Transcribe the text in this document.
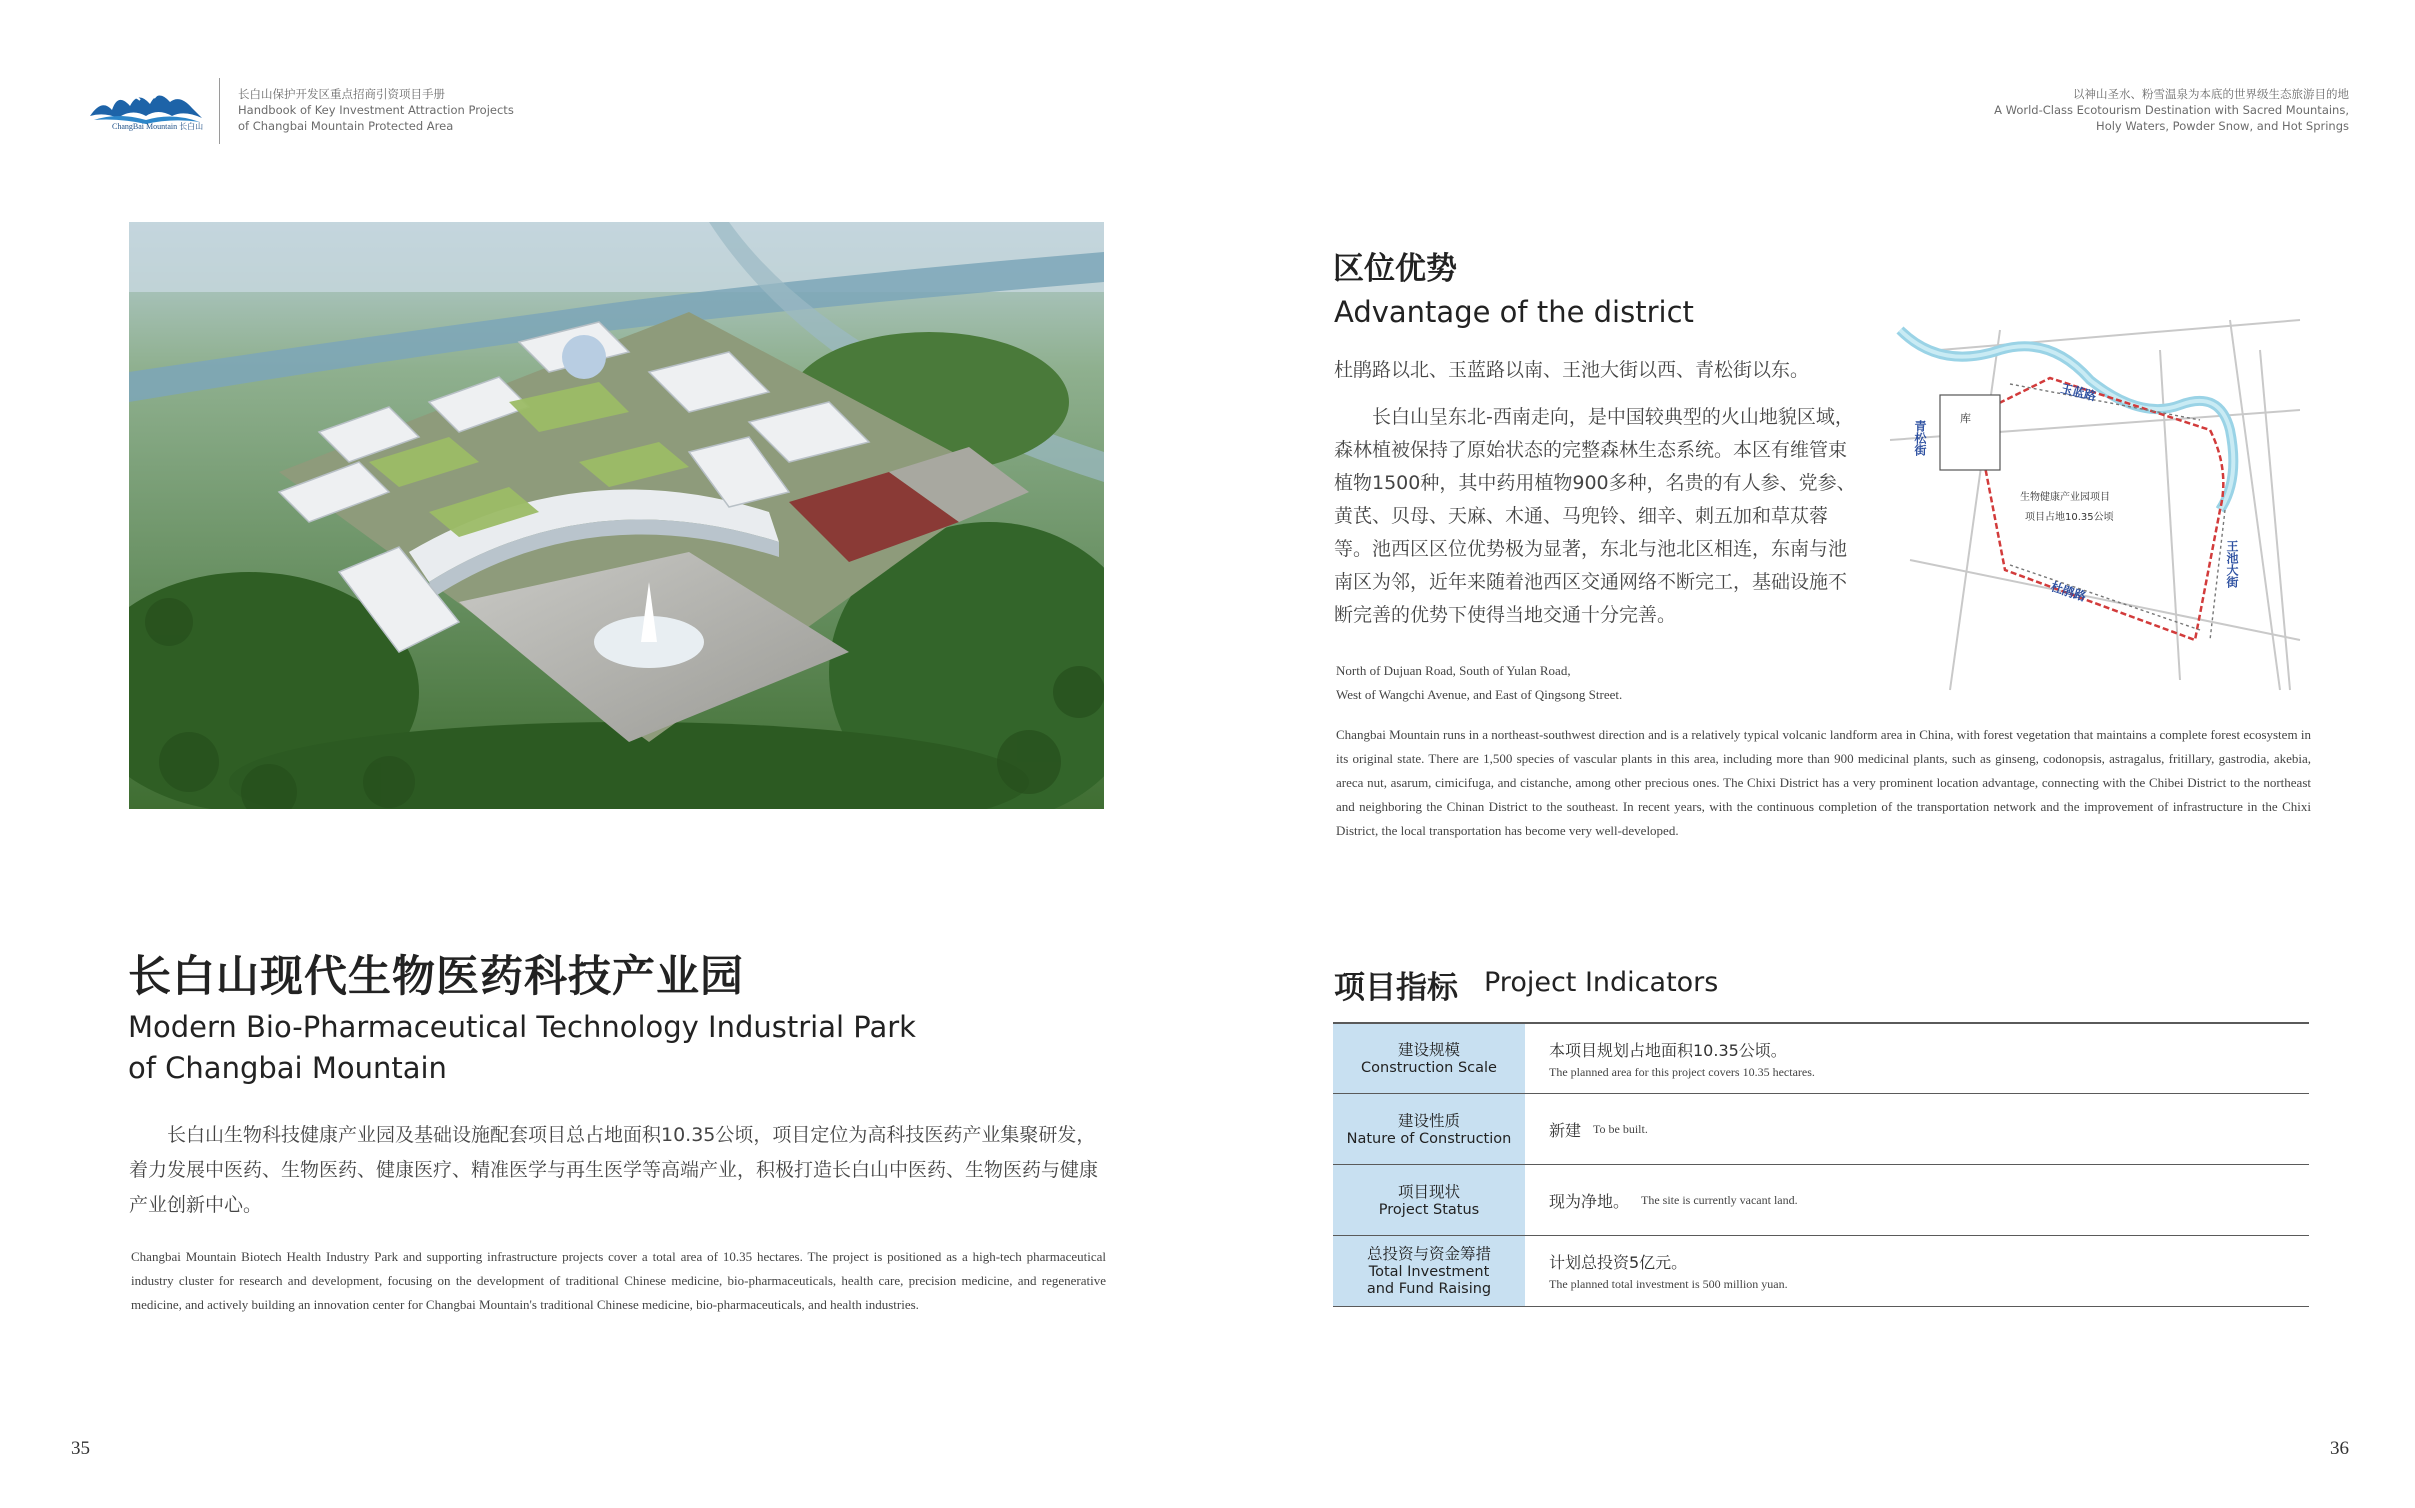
ChangBai Mountain 长白山
长白山保护开发区重点招商引资项目手册
Handbook of Key Investment Attraction Projects
of Changbai Mountain Protected Area
以神山圣水、粉雪温泉为本底的世界级生态旅游目的地
A World-Class Ecotourism Destination with Sacred Mountains,
Holy Waters, Powder Snow, and Hot Springs
长白山现代生物医药科技产业园
Modern Bio-Pharmaceutical Technology Industrial Park
of Changbai Mountain
长白山生物科技健康产业园及基础设施配套项目总占地面积10.35公顷，项目定位为高科技医药产业集聚研发，着力发展中医药、生物医药、健康医疗、精准医学与再生医学等高端产业，积极打造长白山中医药、生物医药与健康产业创新中心。
Changbai Mountain Biotech Health Industry Park and supporting infrastructure projects cover a total area of 10.35 hectares. The project is positioned as a high-tech pharmaceutical industry cluster for research and development, focusing on the development of traditional Chinese medicine, bio-pharmaceuticals, health care, precision medicine, and regenerative medicine, and actively building an innovation center for Changbai Mountain's traditional Chinese medicine, bio-pharmaceuticals, and health industries.
区位优势
Advantage of the district
杜鹃路以北、玉蓝路以南、王池大街以西、青松街以东。
长白山呈东北-西南走向，是中国较典型的火山地貌区域，森林植被保持了原始状态的完整森林生态系统。本区有维管束植物1500种，其中药用植物900多种，名贵的有人参、党参、黄芪、贝母、天麻、木通、马兜铃、细辛、刺五加和草苁蓉等。池西区区位优势极为显著，东北与池北区相连，东南与池南区为邻，近年来随着池西区交通网络不断完工，基础设施不断完善的优势下使得当地交通十分完善。
玉蓝路
杜鹃路
王池大街
青松街
库
生物健康产业园项目
项目占地10.35公顷
North of Dujuan Road, South of Yulan Road,
West of Wangchi Avenue, and East of Qingsong Street.
Changbai Mountain runs in a northeast-southwest direction and is a relatively typical volcanic landform area in China, with forest vegetation that maintains a complete forest ecosystem in its original state. There are 1,500 species of vascular plants in this area, including more than 900 medicinal plants, such as ginseng, codonopsis, astragalus, fritillary, gastrodia, akebia, areca nut, asarum, cimicifuga, and cistanche, among other precious ones. The Chixi District has a very prominent location advantage, connecting with the Chibei District to the northeast and neighboring the Chinan District to the southeast. In recent years, with the continuous completion of the transportation network and the improvement of infrastructure in the Chixi District, the local transportation has become very well-developed.
项目指标 Project Indicators
建设规模
Construction Scale
本项目规划占地面积10.35公顷。
The planned area for this project covers 10.35 hectares.
建设性质
Nature of Construction 新建 To be built.
项目现状
Project Status	现为净地。 The site is currently vacant land.
总投资与资金筹措
Total Investment
and Fund Raising
计划总投资5亿元。
The planned total investment is 500 million yuan.
35	36
